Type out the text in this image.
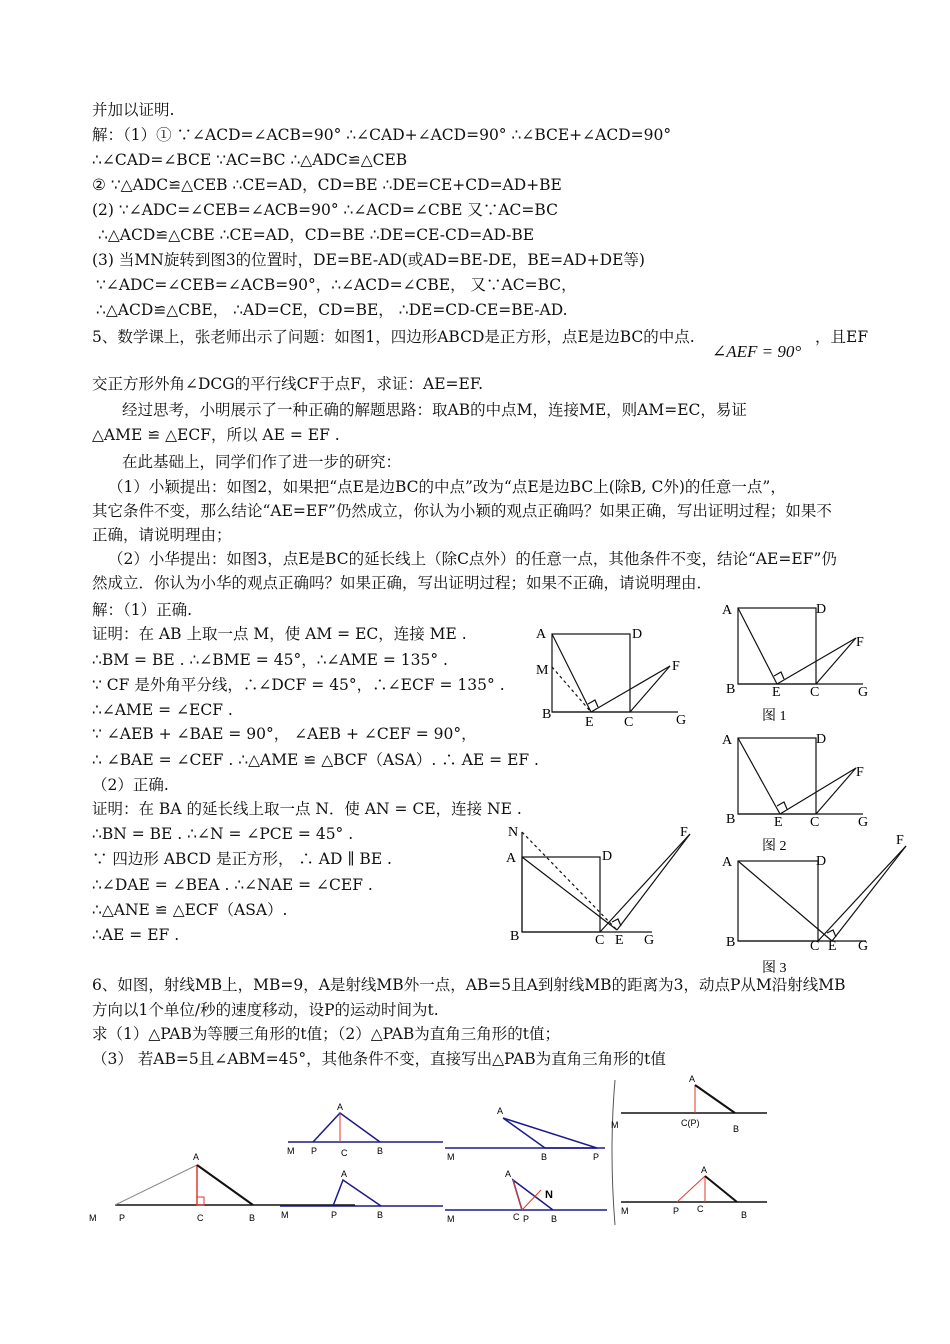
并加以证明.
解：（1）① ∵∠ACD=∠ACB=90° ∴∠CAD+∠ACD=90° ∴∠BCE+∠ACD=90°
∴∠CAD=∠BCE ∵AC=BC ∴△ADC≌△CEB
② ∵△ADC≌△CEB ∴CE=AD，CD=BE ∴DE=CE+CD=AD+BE
(2) ∵∠ADC=∠CEB=∠ACB=90° ∴∠ACD=∠CBE 又∵AC=BC
∴△ACD≌△CBE ∴CE=AD，CD=BE ∴DE=CE-CD=AD-BE
(3) 当MN旋转到图3的位置时，DE=BE-AD(或AD=BE-DE，BE=AD+DE等)
∵∠ADC=∠CEB=∠ACB=90°，∴∠ACD=∠CBE， 又∵AC=BC，
∴△ACD≌△CBE， ∴AD=CE，CD=BE， ∴DE=CD-CE=BE-AD.
5、数学课上，张老师出示了问题：如图1，四边形ABCD是正方形，点E是边BC的中点.
∠AEF = 90°
，且EF
交正方形外角∠DCG的平行线CF于点F，求证：AE=EF.
经过思考，小明展示了一种正确的解题思路：取AB的中点M，连接ME，则AM=EC，易证
△AME ≌ △ECF，所以 AE = EF .
在此基础上，同学们作了进一步的研究：
（1）小颖提出：如图2，如果把“点E是边BC的中点”改为“点E是边BC上(除B, C外)的任意一点”，
其它条件不变，那么结论“AE=EF”仍然成立，你认为小颖的观点正确吗？如果正确，写出证明过程；如果不
正确，请说明理由；
（2）小华提出：如图3，点E是BC的延长线上（除C点外）的任意一点，其他条件不变，结论“AE=EF”仍
然成立．你认为小华的观点正确吗？如果正确，写出证明过程；如果不正确，请说明理由．
解：（1）正确.
证明：在 AB 上取一点 M，使 AM = EC，连接 ME .
∴BM = BE . ∴∠BME = 45°，∴∠AME = 135° .
∵ CF 是外角平分线，∴∠DCF = 45°，∴∠ECF = 135° .
∴∠AME = ∠ECF .
∵ ∠AEB + ∠BAE = 90°， ∠AEB + ∠CEF = 90°，
∴ ∠BAE = ∠CEF . ∴△AME ≌ △BCF（ASA）. ∴ AE = EF .
（2）正确.
证明：在 BA 的延长线上取一点 N．使 AN = CE，连接 NE .
∴BN = BE . ∴∠N = ∠PCE = 45° .
∵ 四边形 ABCD 是正方形， ∴ AD ∥ BE .
∴∠DAE = ∠BEA . ∴∠NAE = ∠CEF .
∴△ANE ≌ △ECF（ASA）.
∴AE = EF .
6、如图，射线MB上，MB=9，A是射线MB外一点，AB=5且A到射线MB的距离为3，动点P从M沿射线MB
方向以1个单位/秒的速度移动，设P的运动时间为t.
求（1）△PAB为等腰三角形的t值；（2）△PAB为直角三角形的t值；
（3） 若AB=5且∠ABM=45°，其他条件不变，直接写出△PAB为直角三角形的t值
A	D
M
B
E C
F
G
N
A	D
B	C E
F
G
A	D
B	E C
F
G
图 1
A	D
B	E C
F
G
图 2
A	D
B	C E
F
G
图 3
A
M	P	C	B
A
M P	C	B
A
M	B	P
A
M	P	B
A
N
M	C P B
A
M	C(P)
B
A
M	P C
B
